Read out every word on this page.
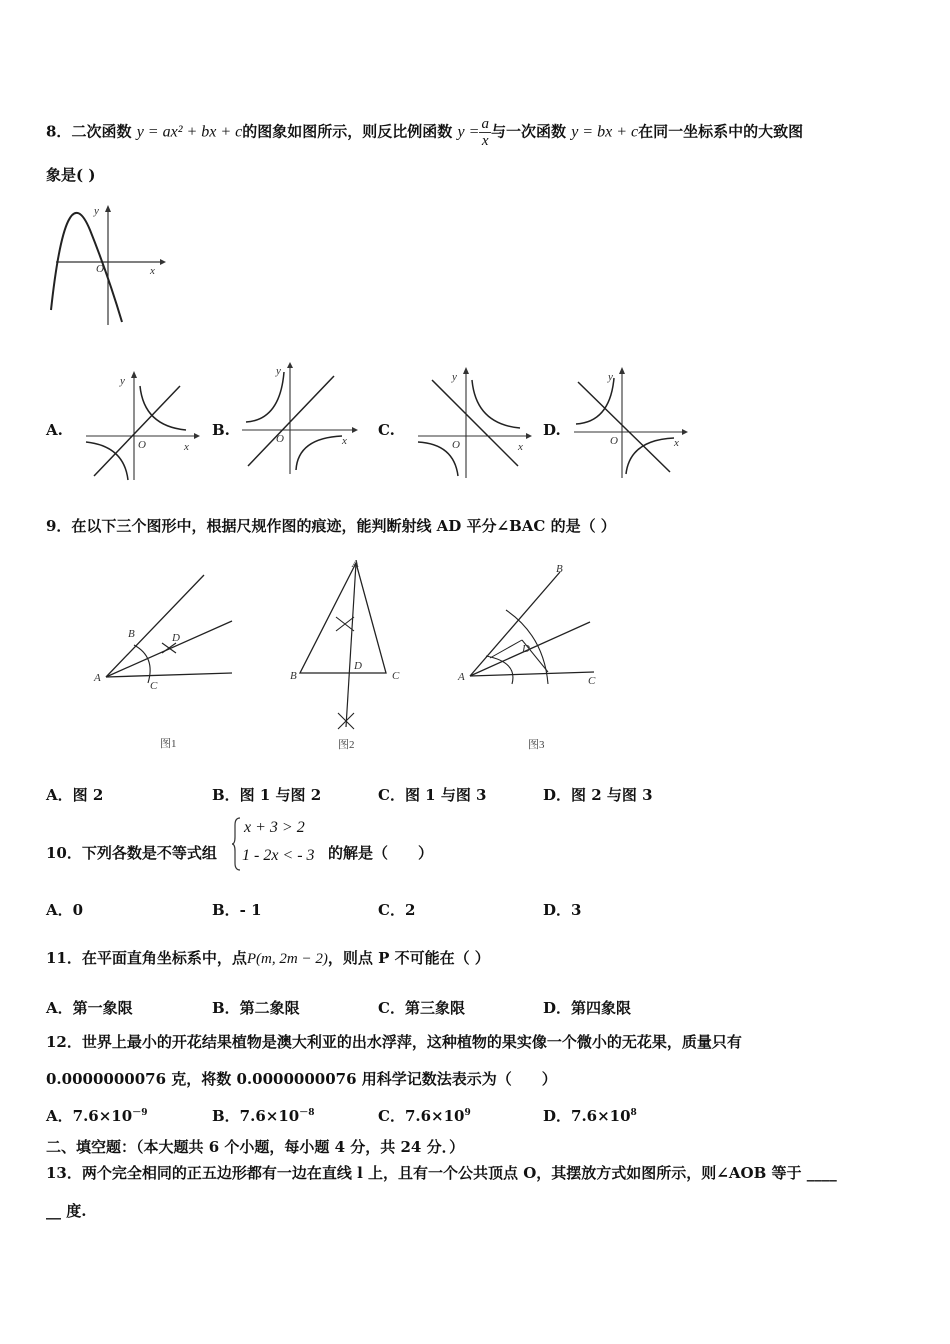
8．二次函数 y = ax² + bx + c的图象如图所示，则反比例函数 $y = \frac{a}{x}$ 与一次函数 y = bx + c在同一坐标系中的大致图
象是( )
y
x
O
A.	B.	C.	D.
y
x
O
y
x
O
y
x
O
y
x
O
9．在以下三个图形中，根据尺规作图的痕迹，能判断射线 AD 平分∠BAC 的是（ ）
B	D
A
C
图1
A
B	C
D
图2
B
D
A	C
图3
A．图 2	B．图 1 与图 2	C．图 1 与图 3	D．图 2 与图 3
10．下列各数是不等式组
x + 3 > 2
1 - 2x < - 3 的解是（　　）
A．0	B．- 1	C．2	D．3
11．在平面直角坐标系中，点P(m, 2m − 2)，则点 P 不可能在（ ）
A．第一象限	B．第二象限	C．第三象限	D．第四象限
12．世界上最小的开花结果植物是澳大利亚的出水浮萍，这种植物的果实像一个微小的无花果，质量只有
0.0000000076 克，将数 0.0000000076 用科学记数法表示为（　　）
A．$7.6\times 10^{-9}$	B．$7.6\times 10^{-8}$	C．$7.6\times 10^9$	D．$7.6\times 10^8$
二、填空题：（本大题共 6 个小题，每小题 4 分，共 24 分．）
13．两个完全相同的正五边形都有一边在直线 l 上，且有一个公共顶点 O，其摆放方式如图所示，则∠AOB 等于 ____
__ 度.
